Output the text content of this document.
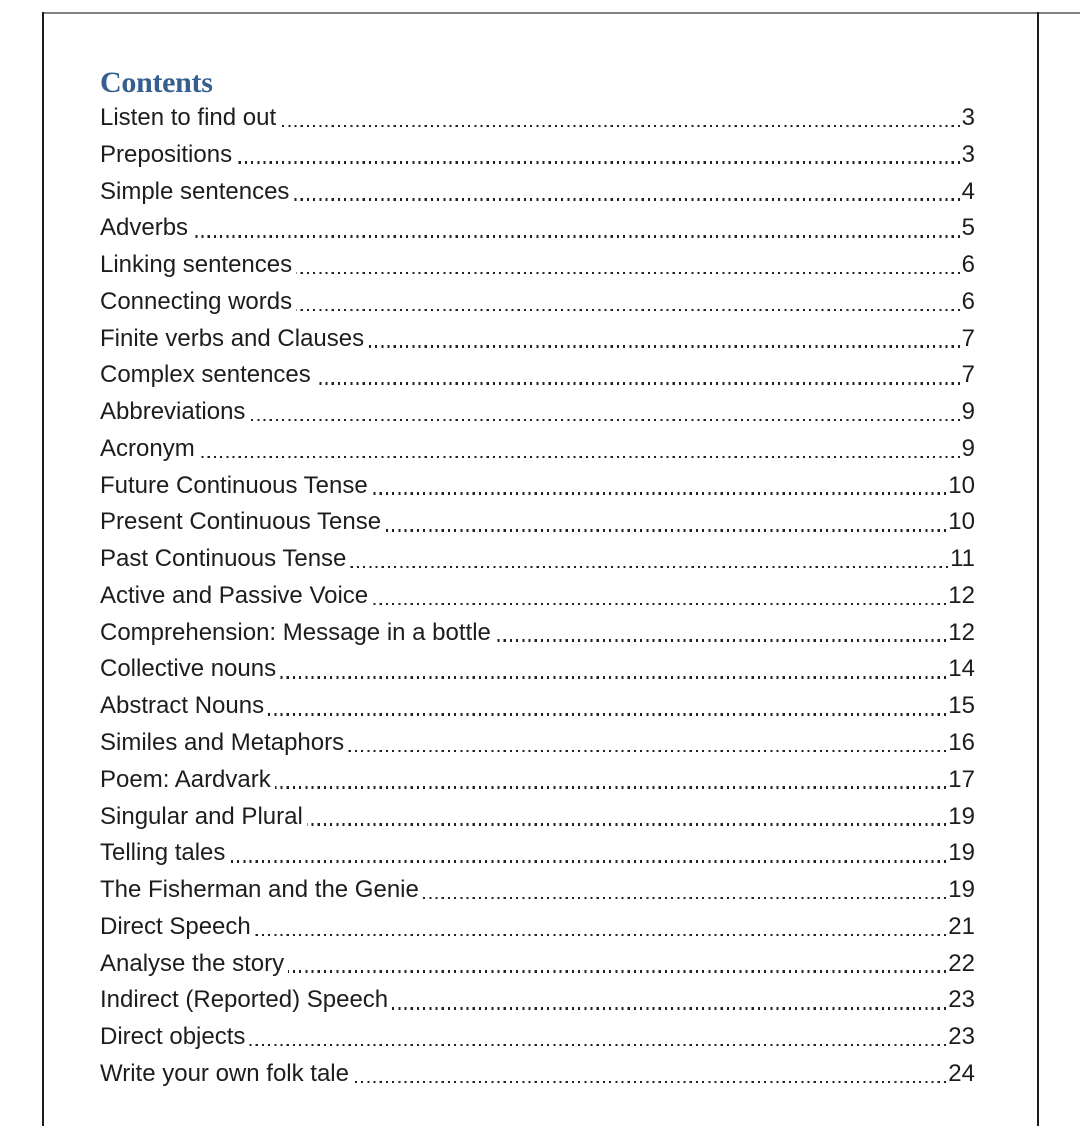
Contents
Listen to find out	3
Prepositions	3
Simple sentences	4
Adverbs	5
Linking sentences	6
Connecting words	6
Finite verbs and Clauses	7
Complex sentences	7
Abbreviations	9
Acronym	9
Future Continuous Tense	10
Present Continuous Tense	10
Past Continuous Tense	11
Active and Passive Voice	12
Comprehension: Message in a bottle	12
Collective nouns	14
Abstract Nouns	15
Similes and Metaphors	16
Poem: Aardvark	17
Singular and Plural	19
Telling tales	19
The Fisherman and the Genie	19
Direct Speech	21
Analyse the story	22
Indirect (Reported) Speech	23
Direct objects	23
Write your own folk tale	24
